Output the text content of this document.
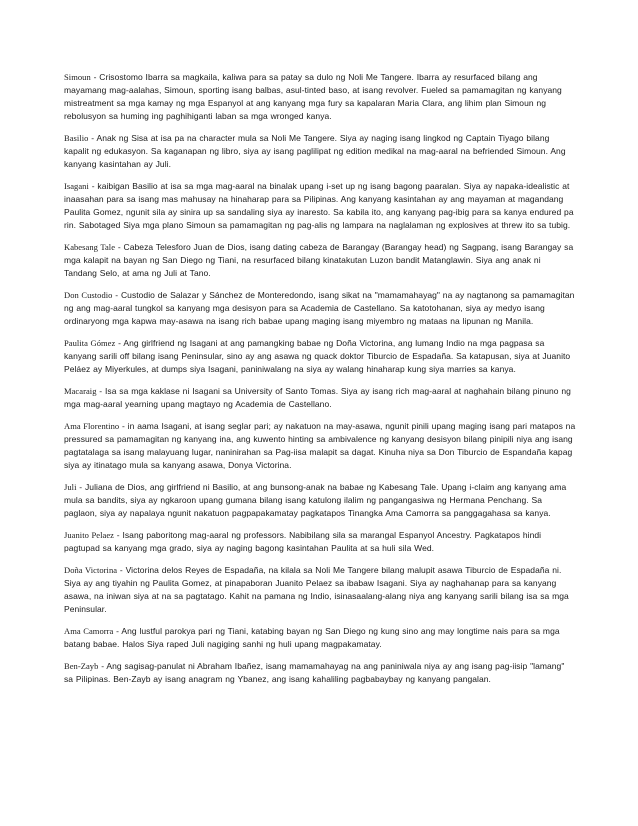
Simoun - Crisostomo Ibarra sa magkaila, kaliwa para sa patay sa dulo ng Noli Me Tangere. Ibarra ay resurfaced bilang ang mayamang mag-aalahas, Simoun, sporting isang balbas, asul-tinted baso, at isang revolver. Fueled sa pamamagitan ng kanyang mistreatment sa mga kamay ng mga Espanyol at ang kanyang mga fury sa kapalaran Maria Clara, ang lihim plan Simoun ng rebolusyon sa huming ing paghihiganti laban sa mga wronged kanya.

Basilio - Anak ng Sisa at isa pa na character mula sa Noli Me Tangere. Siya ay naging isang lingkod ng Captain Tiyago bilang kapalit ng edukasyon. Sa kaganapan ng libro, siya ay isang paglilipat ng edition medikal na mag-aaral na befriended Simoun. Ang kanyang kasintahan ay Juli.

Isagani - kaibigan Basilio at isa sa mga mag-aaral na binalak upang i-set up ng isang bagong paaralan. Siya ay napaka-idealistic at inaasahan para sa isang mas mahusay na hinaharap para sa Pilipinas. Ang kanyang kasintahan ay ang mayaman at magandang Paulita Gomez, ngunit sila ay sinira up sa sandaling siya ay inaresto. Sa kabila ito, ang kanyang pag-ibig para sa kanya endured pa rin. Sabotaged Siya mga plano Simoun sa pamamagitan ng pag-alis ng lampara na naglalaman ng explosives at threw ito sa tubig.

Kabesang Tale - Cabeza Telesforo Juan de Dios, isang dating cabeza de Barangay (Barangay head) ng Sagpang, isang Barangay sa mga kalapit na bayan ng San Diego ng Tiani, na resurfaced bilang kinatakutan Luzon bandit Matanglawin. Siya ang anak ni Tandang Selo, at ama ng Juli at Tano.

Don Custodio - Custodio de Salazar y Sánchez de Monteredondo, isang sikat na "mamamahayag" na ay nagtanong sa pamamagitan ng ang mag-aaral tungkol sa kanyang mga desisyon para sa Academia de Castellano. Sa katotohanan, siya ay medyo isang ordinaryong mga kapwa may-asawa na isang rich babae upang maging isang miyembro ng mataas na lipunan ng Manila.

Paulita Gómez - Ang girlfriend ng Isagani at ang pamangking babae ng Doña Victorina, ang lumang Indio na mga pagpasa sa kanyang sarili off bilang isang Peninsular, sino ay ang asawa ng quack doktor Tiburcio de Espadaña. Sa katapusan, siya at Juanito Peláez ay Miyerkules, at dumps siya Isagani, paniniwalang na siya ay walang hinaharap kung siya marries sa kanya.

Macaraig - Isa sa mga kaklase ni Isagani sa University of Santo Tomas. Siya ay isang rich mag-aaral at naghahain bilang pinuno ng mga mag-aaral yearning upang magtayo ng Academia de Castellano.

Ama Florentino - in aama Isagani, at isang seglar pari; ay nakatuon na may-asawa, ngunit pinili upang maging isang pari matapos na pressured sa pamamagitan ng kanyang ina, ang kuwento hinting sa ambivalence ng kanyang desisyon bilang pinipili niya ang isang pagtatalaga sa isang malayuang lugar, naninirahan sa Pag-iisa malapit sa dagat. Kinuha niya sa Don Tiburcio de Espandaña kapag siya ay itinatago mula sa kanyang asawa, Donya Victorina.

Juli - Juliana de Dios, ang girlfriend ni Basilio, at ang bunsong-anak na babae ng Kabesang Tale. Upang i-claim ang kanyang ama mula sa bandits, siya ay ngkaroon upang gumana bilang isang katulong ilalim ng pangangasiwa ng Hermana Penchang. Sa paglaon, siya ay napalaya ngunit nakatuon pagpapakamatay pagkatapos Tinangka Ama Camorra sa panggagahasa sa kanya.

Juanito Pelaez - Isang paboritong mag-aaral ng professors. Nabibilang sila sa marangal Espanyol Ancestry. Pagkatapos hindi pagtupad sa kanyang mga grado, siya ay naging bagong kasintahan Paulita at sa huli sila Wed.

Doña Victorina - Victorina delos Reyes de Espadaña, na kilala sa Noli Me Tangere bilang malupit asawa Tiburcio de Espadaña ni. Siya ay ang tiyahin ng Paulita Gomez, at pinapaboran Juanito Pelaez sa ibabaw Isagani. Siya ay naghahanap para sa kanyang asawa, na iniwan siya at na sa pagtatago. Kahit na pamana ng Indio, isinasaalang-alang niya ang kanyang sarili bilang isa sa mga Peninsular.

Ama Camorra - Ang lustful parokya pari ng Tiani, katabing bayan ng San Diego ng kung sino ang may longtime nais para sa mga batang babae. Halos Siya raped Juli nagiging sanhi ng huli upang magpakamatay.

Ben-Zayb - Ang sagisag-panulat ni Abraham Ibañez, isang mamamahayag na ang paniniwala niya ay ang isang pag-iisip "lamang" sa Pilipinas. Ben-Zayb ay isang anagram ng Ybanez, ang isang kahaliling pagbabaybay ng kanyang pangalan.
